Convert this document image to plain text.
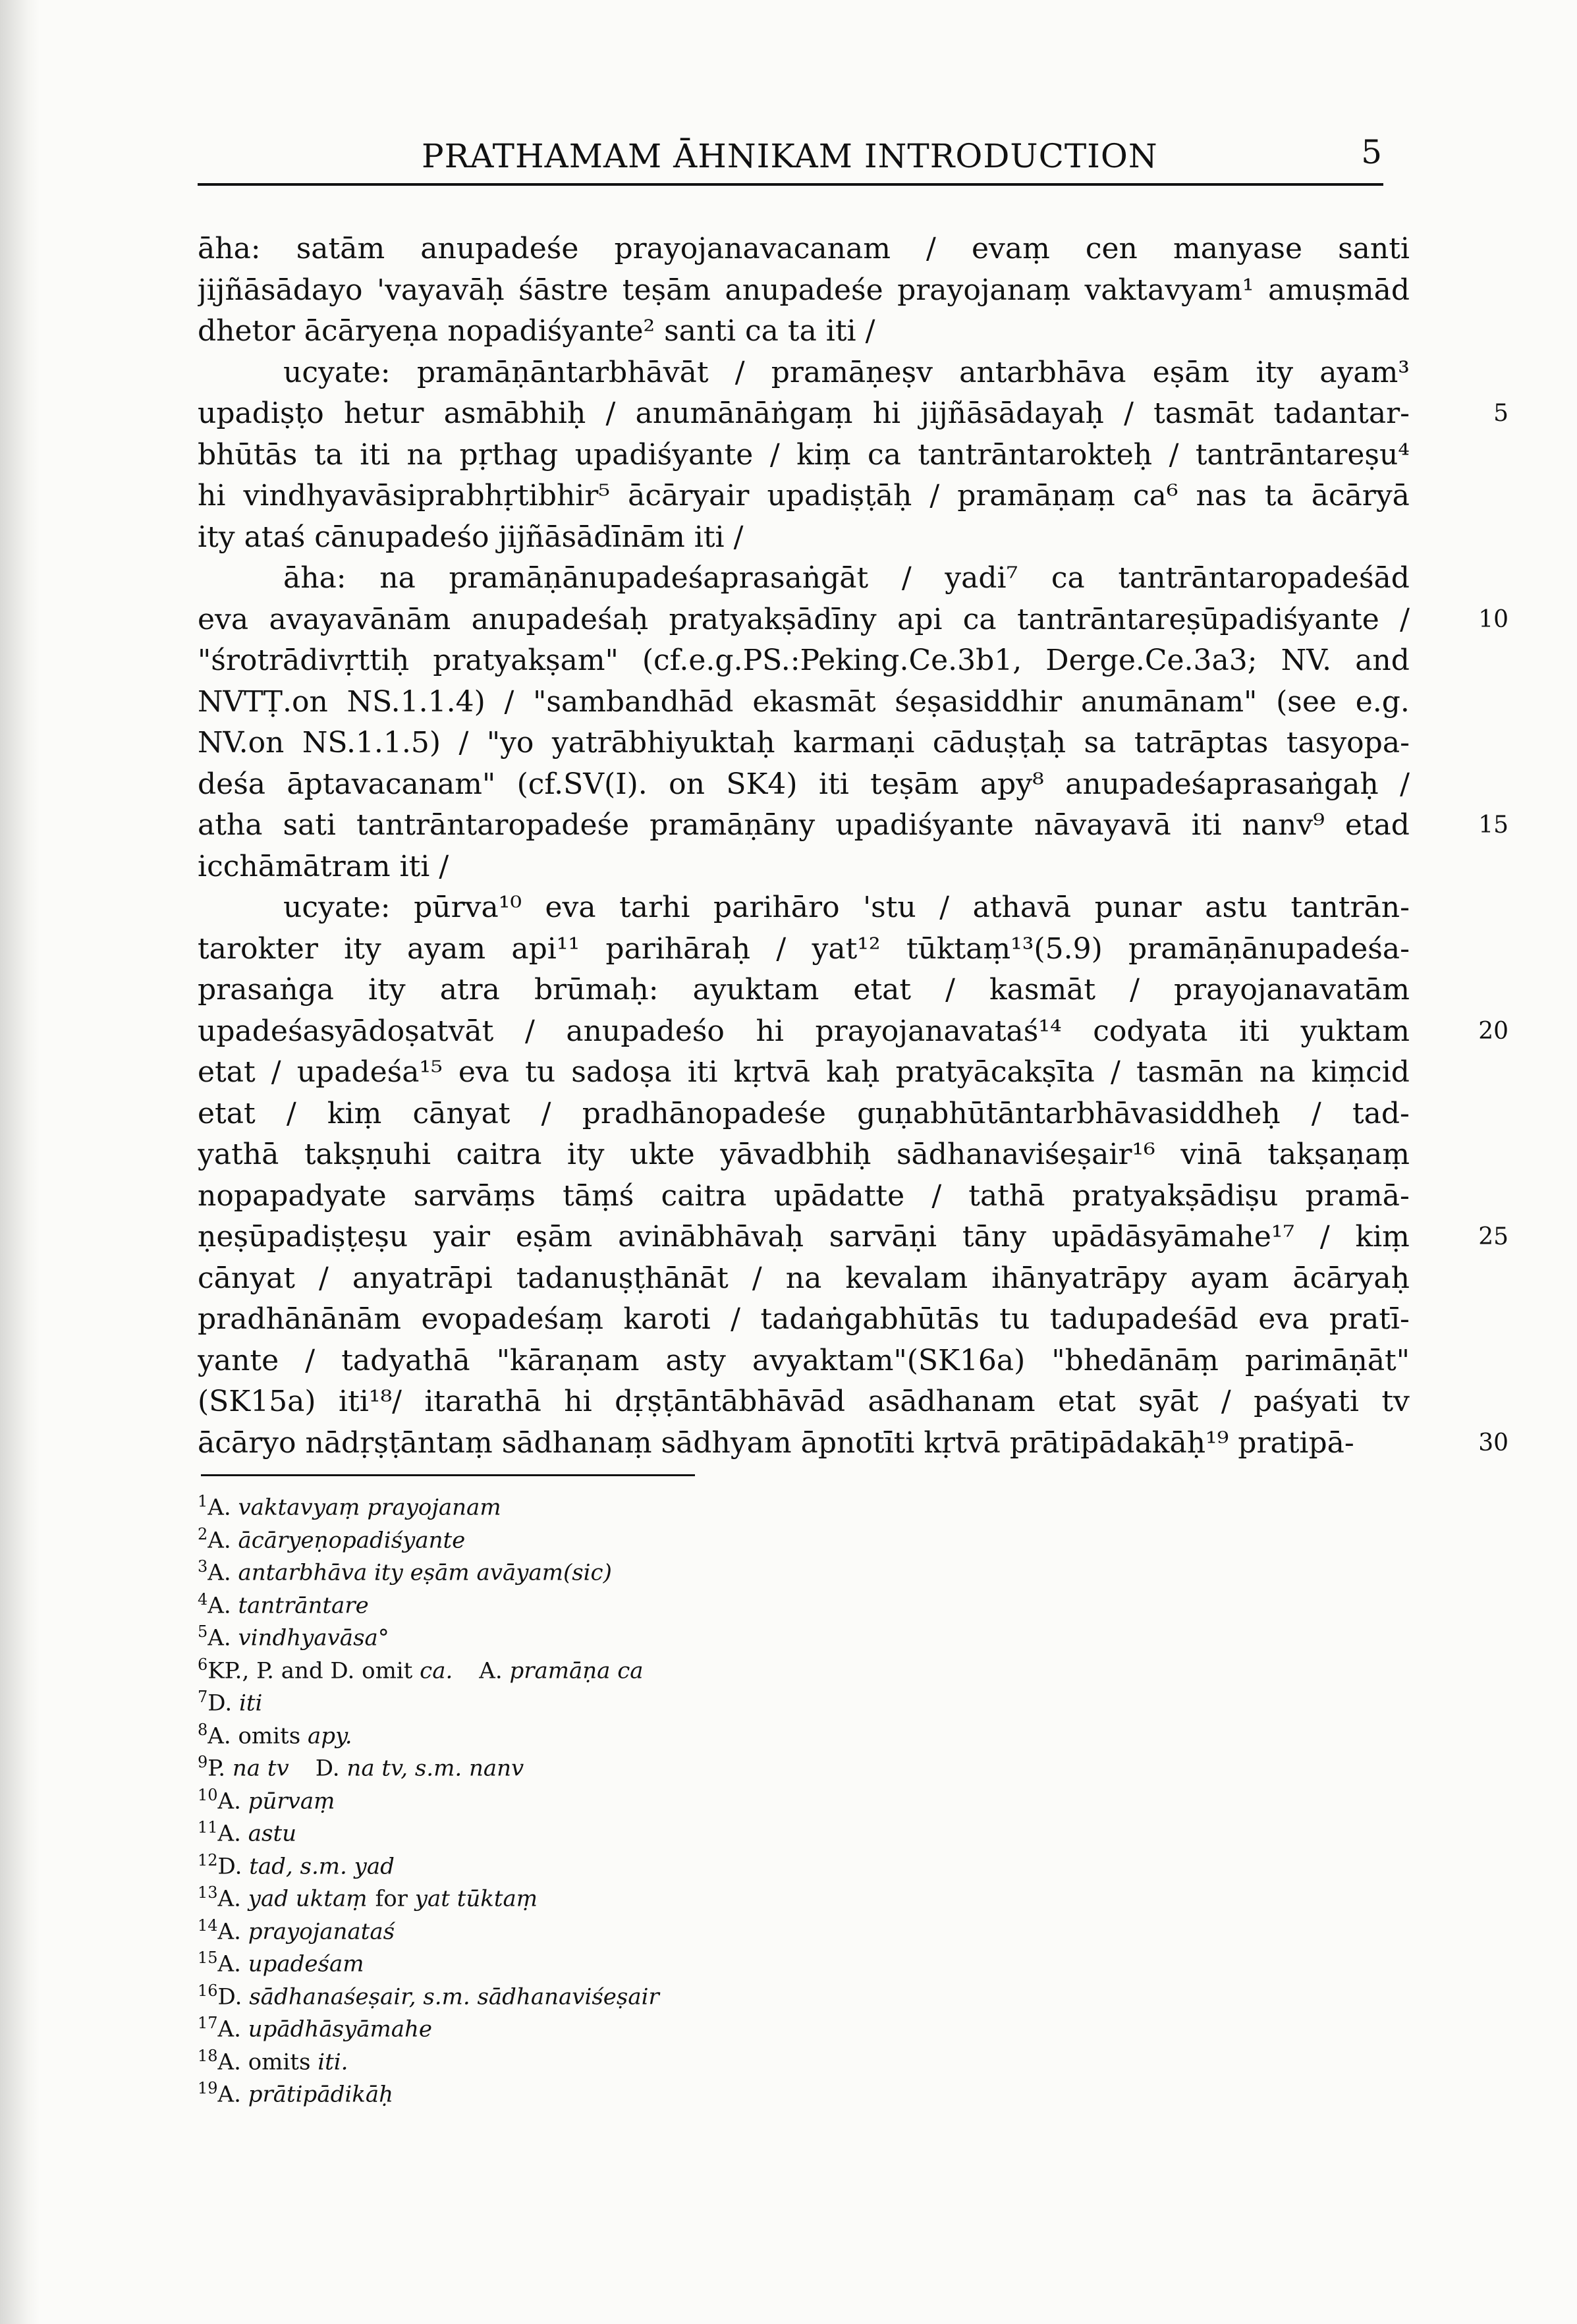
PRATHAMAM ĀHNIKAM INTRODUCTION	5
āha: satām anupadeśe prayojanavacanam / evaṃ cen manyase santi
jijñāsādayo 'vayavāḥ śāstre teṣām anupadeśe prayojanaṃ vaktavyam¹ amuṣmād
dhetor ācāryeṇa nopadiśyante² santi ca ta iti /
ucyate: pramāṇāntarbhāvāt / pramāṇeṣv antarbhāva eṣām ity ayam³
upadiṣṭo hetur asmābhiḥ / anumānāṅgaṃ hi jijñāsādayaḥ / tasmāt tadantar-
bhūtās ta iti na pṛthag upadiśyante / kiṃ ca tantrāntarokteḥ / tantrāntareṣu⁴
hi vindhyavāsiprabhṛtibhir⁵ ācāryair upadiṣṭāḥ / pramāṇaṃ ca⁶ nas ta ācāryā
ity ataś cānupadeśo jijñāsādīnām iti /
āha: na pramāṇānupadeśaprasaṅgāt / yadi⁷ ca tantrāntaropadeśād
eva avayavānām anupadeśaḥ pratyakṣādīny api ca tantrāntareṣūpadiśyante /
"śrotrādivṛttiḥ pratyakṣam" (cf.e.g.PS.:Peking.Ce.3b1, Derge.Ce.3a3; NV. and
NVTṬ.on NS.1.1.4) / "sambandhād ekasmāt śeṣasiddhir anumānam" (see e.g.
NV.on NS.1.1.5) / "yo yatrābhiyuktaḥ karmaṇi cāduṣṭaḥ sa tatrāptas tasyopa-
deśa āptavacanam" (cf.SV(I). on SK4) iti teṣām apy⁸ anupadeśaprasaṅgaḥ /
atha sati tantrāntaropadeśe pramāṇāny upadiśyante nāvayavā iti nanv⁹ etad
icchāmātram iti /
ucyate: pūrva¹⁰ eva tarhi parihāro 'stu / athavā punar astu tantrān-
tarokter ity ayam api¹¹ parihāraḥ / yat¹² tūktaṃ¹³(5.9) pramāṇānupadeśa-
prasaṅga ity atra brūmaḥ: ayuktam etat / kasmāt / prayojanavatām
upadeśasyādoṣatvāt / anupadeśo hi prayojanavataś¹⁴ codyata iti yuktam
etat / upadeśa¹⁵ eva tu sadoṣa iti kṛtvā kaḥ pratyācakṣīta / tasmān na kiṃcid
etat / kiṃ cānyat / pradhānopadeśe guṇabhūtāntarbhāvasiddheḥ / tad-
yathā takṣṇuhi caitra ity ukte yāvadbhiḥ sādhanaviśeṣair¹⁶ vinā takṣaṇaṃ
nopapadyate sarvāṃs tāṃś caitra upādatte / tathā pratyakṣādiṣu pramā-
ṇeṣūpadiṣṭeṣu yair eṣām avinābhāvaḥ sarvāṇi tāny upādāsyāmahe¹⁷ / kiṃ
cānyat / anyatrāpi tadanuṣṭhānāt / na kevalam ihānyatrāpy ayam ācāryaḥ
pradhānānām evopadeśaṃ karoti / tadaṅgabhūtās tu tadupadeśād eva pratī-
yante / tadyathā "kāraṇam asty avyaktam"(SK16a) "bhedānāṃ parimāṇāt"
(SK15a) iti¹⁸/ itarathā hi dṛṣṭāntābhāvād asādhanam etat syāt / paśyati tv
ācāryo nādṛṣṭāntaṃ sādhanaṃ sādhyam āpnotīti kṛtvā prātipādakāḥ¹⁹ pratipā-
5
10
15
20
25
30
$^1$A. vaktavyaṃ prayojanam
$^2$A. ācāryeṇopadiśyante
$^3$A. antarbhāva ity eṣām avāyam(sic)
$^4$A. tantrāntare
$^5$A. vindhyavāsa°
$^6$KP., P. and D. omit ca. A. pramāṇa ca
$^7$D. iti
$^8$A. omits apy.
$^9$P. na tv D. na tv, s.m. nanv
$^{10}$A. pūrvaṃ
$^{11}$A. astu
$^{12}$D. tad, s.m. yad
$^{13}$A. yad uktaṃ for yat tūktaṃ
$^{14}$A. prayojanataś
$^{15}$A. upadeśam
$^{16}$D. sādhanaśeṣair, s.m. sādhanaviśeṣair
$^{17}$A. upādhāsyāmahe
$^{18}$A. omits iti.
$^{19}$A. prātipādikāḥ
